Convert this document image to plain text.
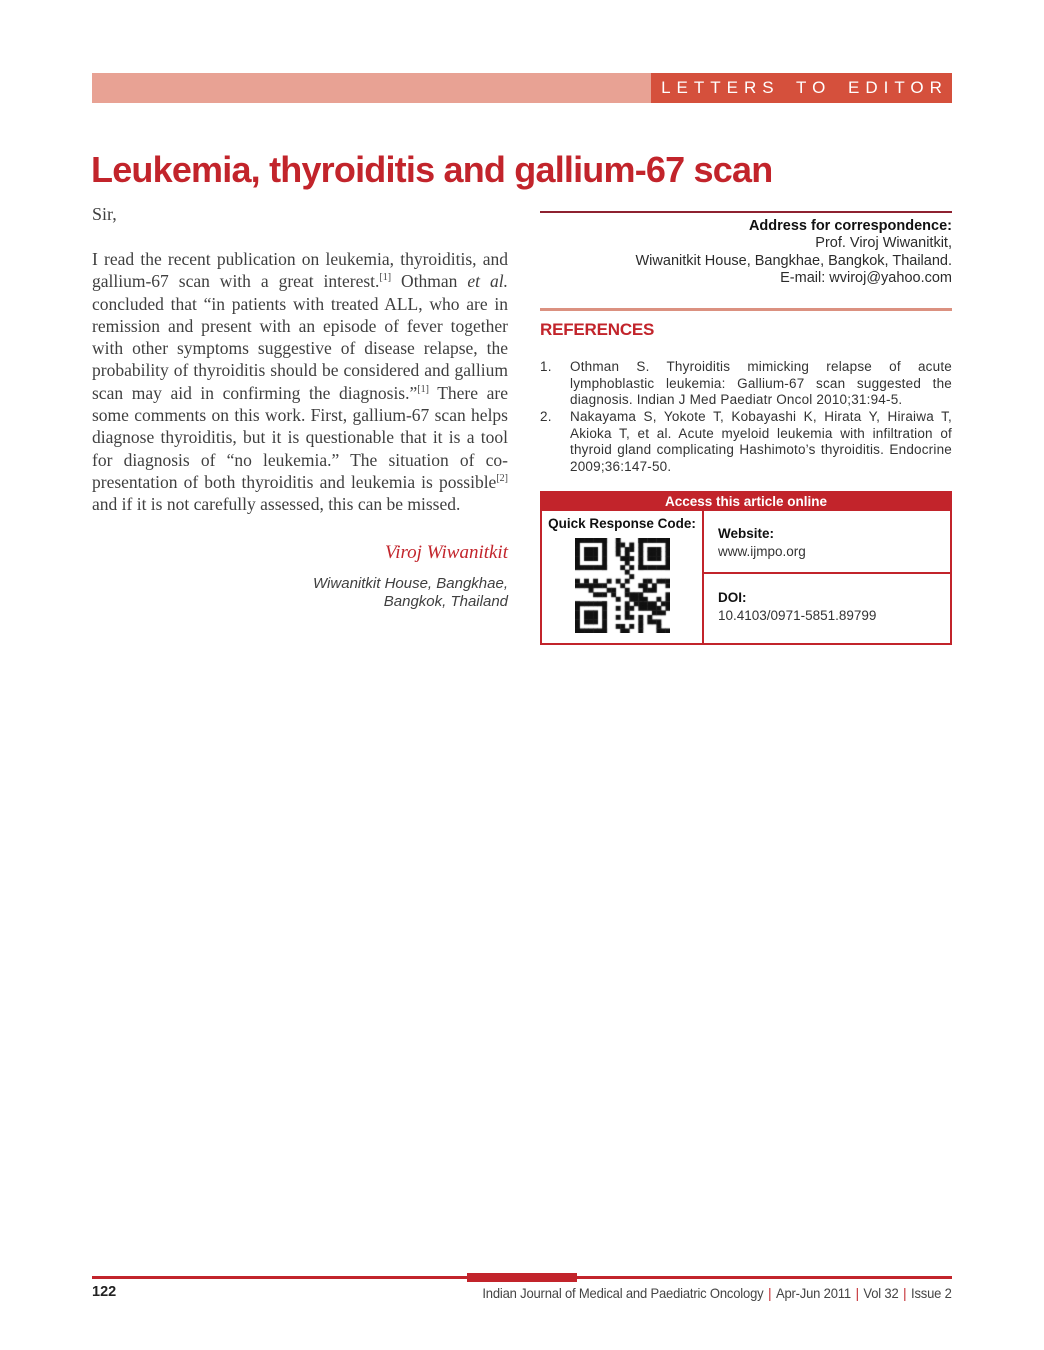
LETTERS TO EDITOR
Leukemia, thyroiditis and gallium-67 scan
Sir,

I read the recent publication on leukemia, thyroiditis, and gallium-67 scan with a great interest.[1] Othman et al. concluded that “in patients with treated ALL, who are in remission and present with an episode of fever together with other symptoms suggestive of disease relapse, the probability of thyroiditis should be considered and gallium scan may aid in confirming the diagnosis.”[1] There are some comments on this work. First, gallium-67 scan helps diagnose thyroiditis, but it is questionable that it is a tool for diagnosis of “no leukemia.” The situation of co-presentation of both thyroiditis and leukemia is possible[2] and if it is not carefully assessed, this can be missed.

Viroj Wiwanitkit
Wiwanitkit House, Bangkhae,
Bangkok, Thailand
Address for correspondence:
Prof. Viroj Wiwanitkit,
Wiwanitkit House, Bangkhae, Bangkok, Thailand.
E-mail: wviroj@yahoo.com
REFERENCES
1.	Othman S. Thyroiditis mimicking relapse of acute lymphoblastic leukemia: Gallium-67 scan suggested the diagnosis. Indian J Med Paediatr Oncol 2010;31:94-5.
2.	Nakayama S, Yokote T, Kobayashi K, Hirata Y, Hiraiwa T, Akioka T, et al. Acute myeloid leukemia with infiltration of thyroid gland complicating Hashimoto’s thyroiditis. Endocrine 2009;36:147-50.
Access this article online
Quick Response Code:
Website:
www.ijmpo.org
DOI:
10.4103/0971-5851.89799
122	Indian Journal of Medical and Paediatric Oncology | Apr-Jun 2011 | Vol 32 | Issue 2
